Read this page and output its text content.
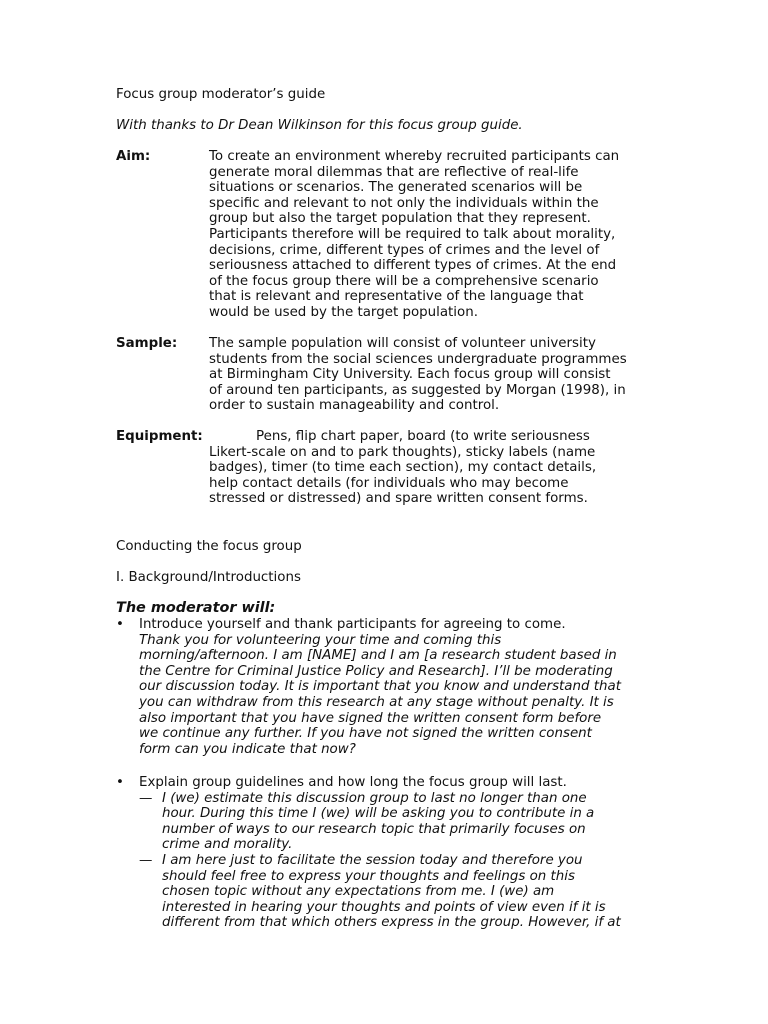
Focus group moderator’s guide
With thanks to Dr Dean Wilkinson for this focus group guide.
Aim:	To create an environment whereby recruited participants can
generate moral dilemmas that are reflective of real-life
situations or scenarios. The generated scenarios will be
specific and relevant to not only the individuals within the
group but also the target population that they represent.
Participants therefore will be required to talk about morality,
decisions, crime, different types of crimes and the level of
seriousness attached to different types of crimes. At the end
of the focus group there will be a comprehensive scenario
that is relevant and representative of the language that
would be used by the target population.
Sample: The sample population will consist of volunteer university
students from the social sciences undergraduate programmes
at Birmingham City University. Each focus group will consist
of around ten participants, as suggested by Morgan (1998), in
order to sustain manageability and control.
Equipment:	Pens, flip chart paper, board (to write seriousness
Likert-scale on and to park thoughts), sticky labels (name
badges), timer (to time each section), my contact details,
help contact details (for individuals who may become
stressed or distressed) and spare written consent forms.
Conducting the focus group
I. Background/Introductions
The moderator will:
•	Introduce yourself and thank participants for agreeing to come.
Thank you for volunteering your time and coming this
morning/afternoon. I am [NAME] and I am [a research student based in
the Centre for Criminal Justice Policy and Research]. I’ll be moderating
our discussion today. It is important that you know and understand that
you can withdraw from this research at any stage without penalty. It is
also important that you have signed the written consent form before
we continue any further. If you have not signed the written consent
form can you indicate that now?
•	Explain group guidelines and how long the focus group will last.
— I (we) estimate this discussion group to last no longer than one
hour. During this time I (we) will be asking you to contribute in a
number of ways to our research topic that primarily focuses on
crime and morality.
— I am here just to facilitate the session today and therefore you
should feel free to express your thoughts and feelings on this
chosen topic without any expectations from me. I (we) am
interested in hearing your thoughts and points of view even if it is
different from that which others express in the group. However, if at
